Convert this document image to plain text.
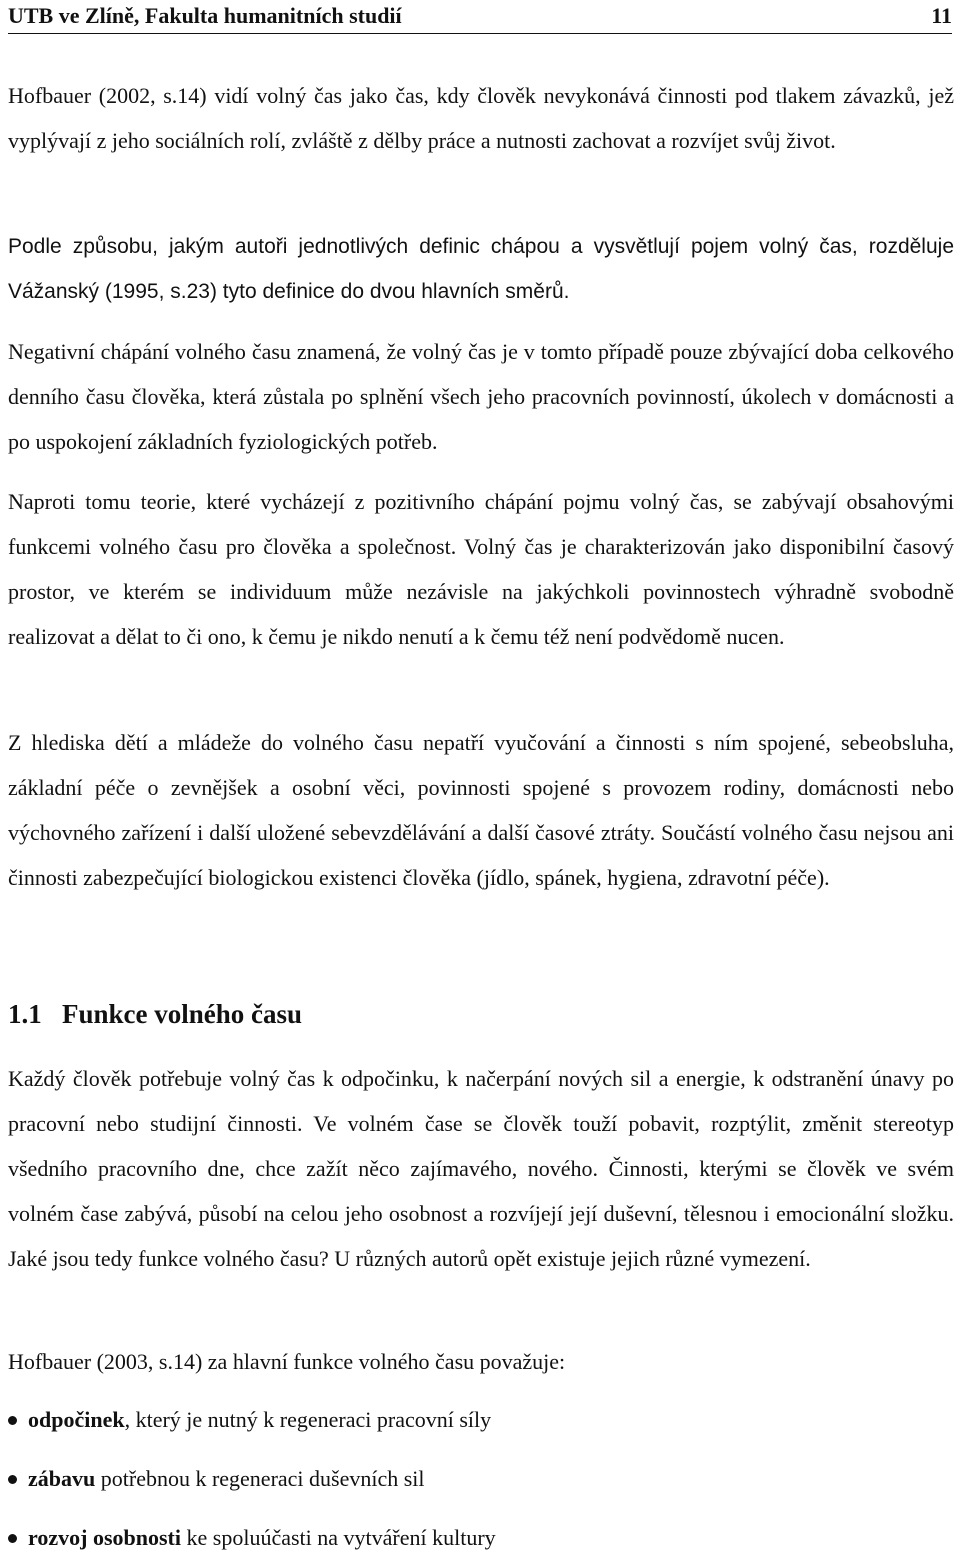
UTB ve Zlíně, Fakulta humanitních studií	11

Hofbauer (2002, s.14) vidí volný čas jako čas, kdy člověk nevykonává činnosti pod tlakem závazků, jež vyplývají z jeho sociálních rolí, zvláště z dělby práce a nutnosti zachovat a rozvíjet svůj život.

Podle způsobu, jakým autoři jednotlivých definic chápou a vysvětlují pojem volný čas, rozděluje Vážanský (1995, s.23) tyto definice do dvou hlavních směrů.

Negativní chápání volného času znamená, že volný čas je v tomto případě pouze zbývající doba celkového denního času člověka, která zůstala po splnění všech jeho pracovních povinností, úkolech v domácnosti a po uspokojení základních fyziologických potřeb.

Naproti tomu teorie, které vycházejí z pozitivního chápání pojmu volný čas, se zabývají obsahovými funkcemi volného času pro člověka a společnost. Volný čas je charakterizován jako disponibilní časový prostor, ve kterém se individuum může nezávisle na jakýchkoli povinnostech výhradně svobodně realizovat a dělat to či ono, k čemu je nikdo nenutí a k čemu též není podvědomě nucen.

Z hlediska dětí a mládeže do volného času nepatří vyučování a činnosti s ním spojené, sebeobsluha, základní péče o zevnějšek a osobní věci, povinnosti spojené s provozem rodiny, domácnosti nebo výchovného zařízení i další uložené sebevzdělávání a další časové ztráty. Součástí volného času nejsou ani činnosti zabezpečující biologickou existenci člověka (jídlo, spánek, hygiena, zdravotní péče).

1.1 Funkce volného času

Každý člověk potřebuje volný čas k odpočinku, k načerpání nových sil a energie, k odstranění únavy po pracovní nebo studijní činnosti. Ve volném čase se člověk touží pobavit, rozptýlit, změnit stereotyp všedního pracovního dne, chce zažít něco zajímavého, nového. Činnosti, kterými se člověk ve svém volném čase zabývá, působí na celou jeho osobnost a rozvíjejí její duševní, tělesnou i emocionální složku. Jaké jsou tedy funkce volného času? U různých autorů opět existuje jejich různé vymezení.

Hofbauer (2003, s.14) za hlavní funkce volného času považuje:

odpočinek, který je nutný k regeneraci pracovní síly
zábavu potřebnou k regeneraci duševních sil
rozvoj osobnosti ke spoluúčasti na vytváření kultury
